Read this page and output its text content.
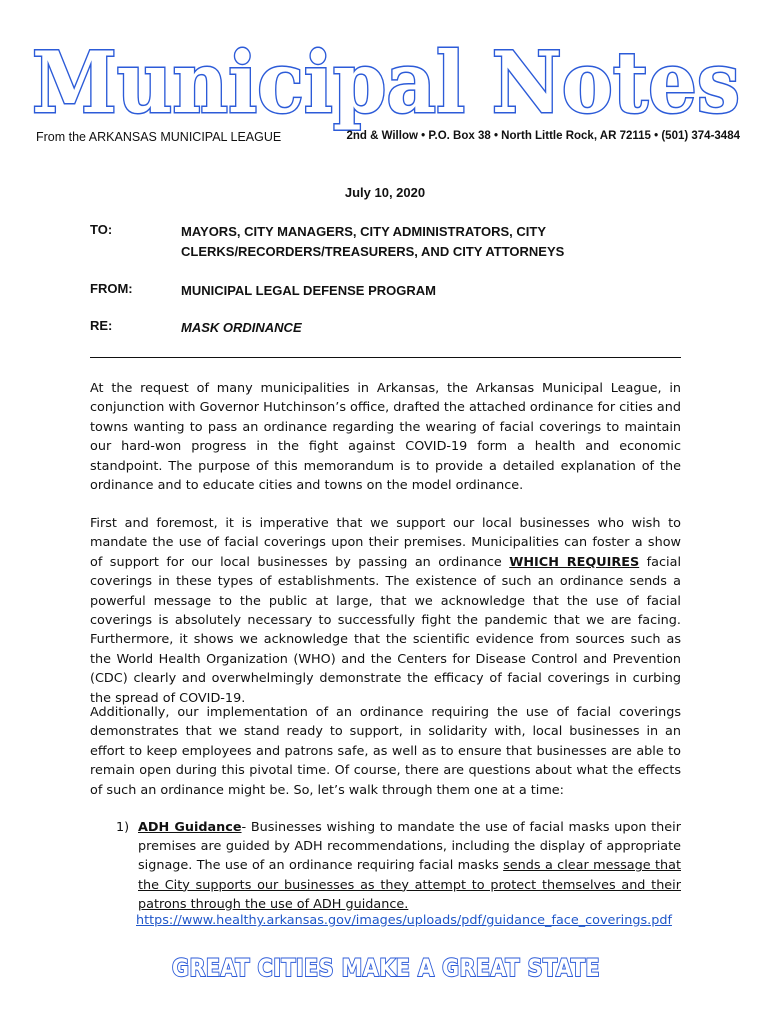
Municipal Notes
From the ARKANSAS MUNICIPAL LEAGUE	2nd & Willow • P.O. Box 38 • North Little Rock, AR 72115 • (501) 374-3484
July 10, 2020
TO:	MAYORS, CITY MANAGERS, CITY ADMINISTRATORS, CITY CLERKS/RECORDERS/TREASURERS, AND CITY ATTORNEYS
FROM:	MUNICIPAL LEGAL DEFENSE PROGRAM
RE:	MASK ORDINANCE
At the request of many municipalities in Arkansas, the Arkansas Municipal League, in conjunction with Governor Hutchinson’s office, drafted the attached ordinance for cities and towns wanting to pass an ordinance regarding the wearing of facial coverings to maintain our hard-won progress in the fight against COVID-19 form a health and economic standpoint. The purpose of this memorandum is to provide a detailed explanation of the ordinance and to educate cities and towns on the model ordinance.
First and foremost, it is imperative that we support our local businesses who wish to mandate the use of facial coverings upon their premises. Municipalities can foster a show of support for our local businesses by passing an ordinance WHICH REQUIRES facial coverings in these types of establishments. The existence of such an ordinance sends a powerful message to the public at large, that we acknowledge that the use of facial coverings is absolutely necessary to successfully fight the pandemic that we are facing. Furthermore, it shows we acknowledge that the scientific evidence from sources such as the World Health Organization (WHO) and the Centers for Disease Control and Prevention (CDC) clearly and overwhelmingly demonstrate the efficacy of facial coverings in curbing the spread of COVID-19.
Additionally, our implementation of an ordinance requiring the use of facial coverings demonstrates that we stand ready to support, in solidarity with, local businesses in an effort to keep employees and patrons safe, as well as to ensure that businesses are able to remain open during this pivotal time. Of course, there are questions about what the effects of such an ordinance might be. So, let’s walk through them one at a time:
1) ADH Guidance- Businesses wishing to mandate the use of facial masks upon their premises are guided by ADH recommendations, including the display of appropriate signage. The use of an ordinance requiring facial masks sends a clear message that the City supports our businesses as they attempt to protect themselves and their patrons through the use of ADH guidance.
https://www.healthy.arkansas.gov/images/uploads/pdf/guidance_face_coverings.pdf
GREAT CITIES MAKE A GREAT STATE
